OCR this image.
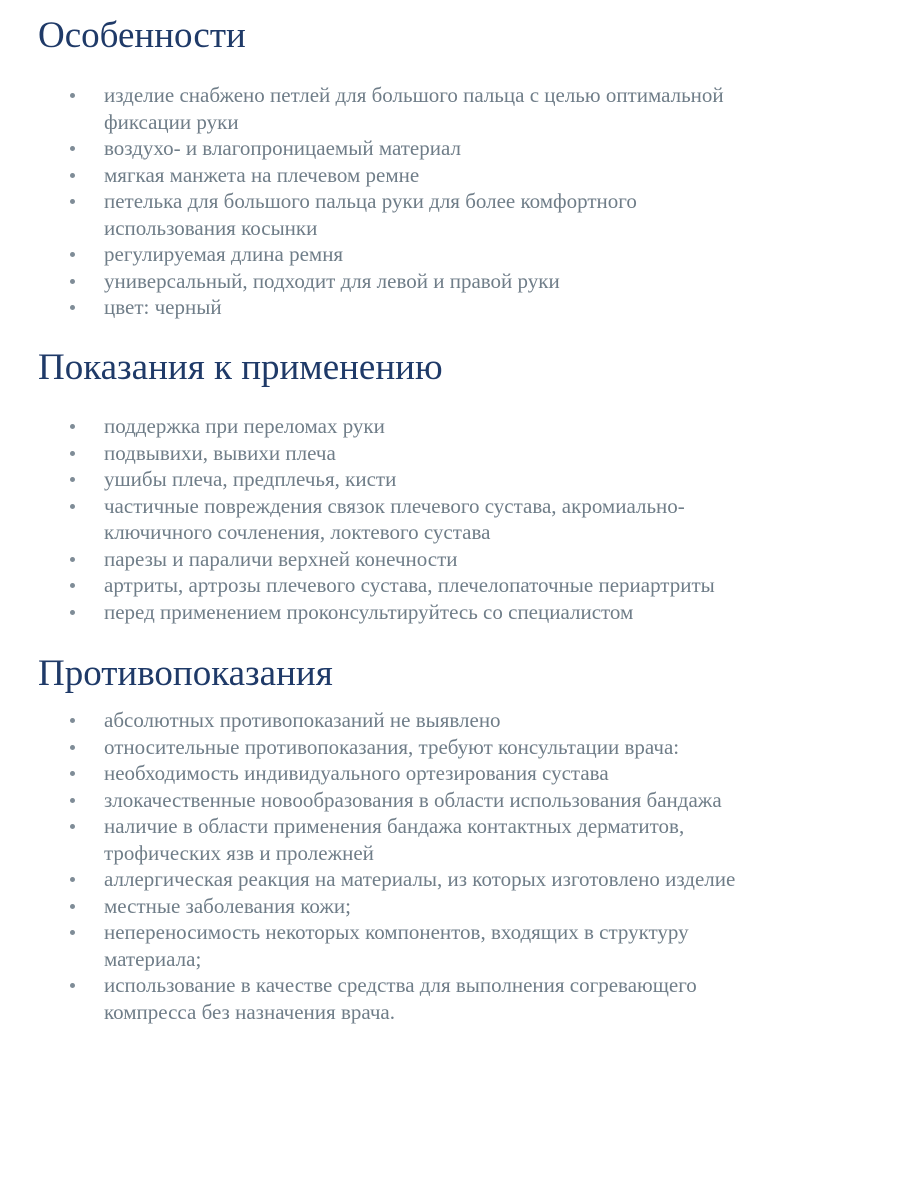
Особенности
изделие снабжено петлей для большого пальца с целью оптимальной
фиксации руки
воздухо- и влагопроницаемый материал
мягкая манжета на плечевом ремне
петелька для большого пальца руки для более комфортного
использования косынки
регулируемая длина ремня
универсальный, подходит для левой и правой руки
цвет: черный
Показания к применению
поддержка при переломах руки
подвывихи, вывихи плеча
ушибы плеча, предплечья, кисти
частичные повреждения связок плечевого сустава, акромиально-
ключичного сочленения, локтевого сустава
парезы и параличи верхней конечности
артриты, артрозы плечевого сустава, плечелопаточные периартриты
перед применением проконсультируйтесь со специалистом
Противопоказания
абсолютных противопоказаний не выявлено
относительные противопоказания, требуют консультации врача:
необходимость индивидуального ортезирования сустава
злокачественные новообразования в области использования бандажа
наличие в области применения бандажа контактных дерматитов,
трофических язв и пролежней
аллергическая реакция на материалы, из которых изготовлено изделие
местные заболевания кожи;
непереносимость некоторых компонентов, входящих в структуру
материала;
использование в качестве средства для выполнения согревающего
компресса без назначения врача.
